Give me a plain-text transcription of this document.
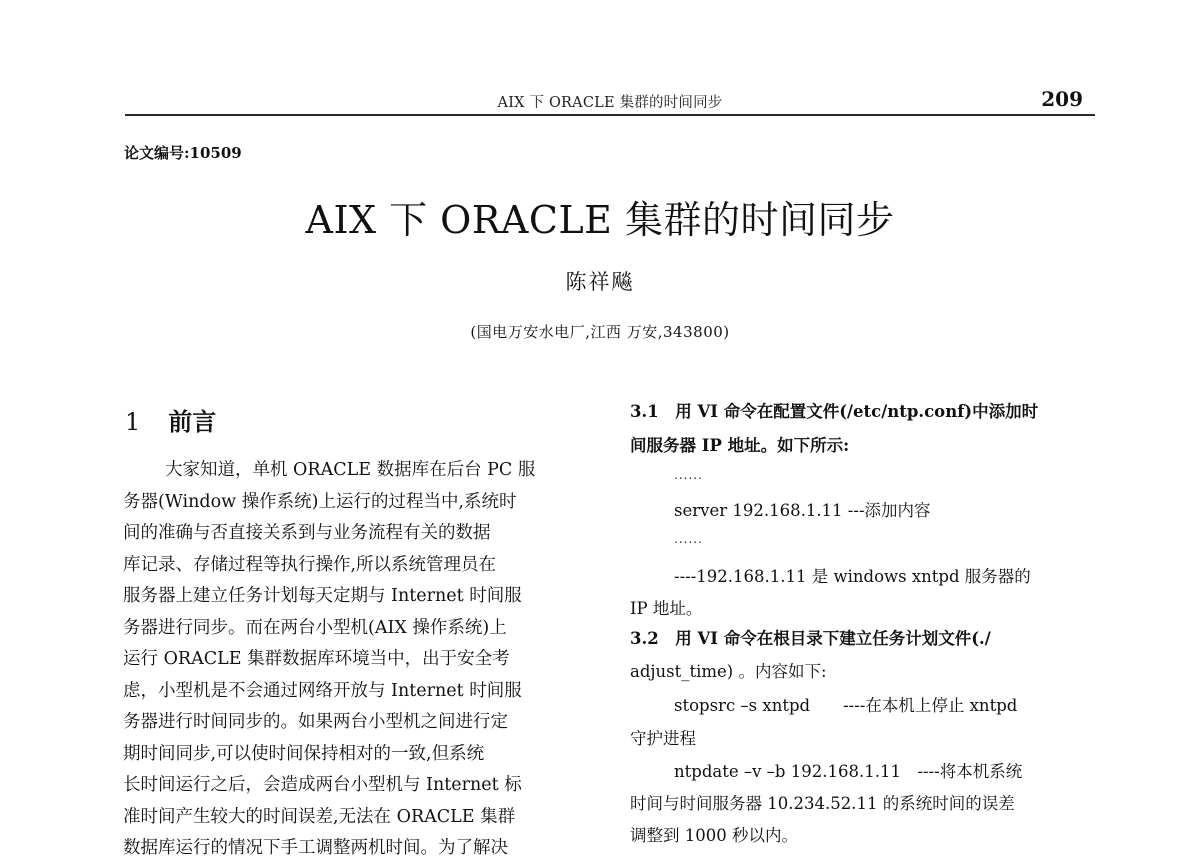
AIX 下 ORACLE 集群的时间同步	209
论文编号:10509
AIX 下 ORACLE 集群的时间同步
陈祥飚
(国电万安水电厂,江西 万安,343800)
1 前言
大家知道，单机 ORACLE 数据库在后台 PC 服
务器(Window 操作系统)上运行的过程当中,系统时
间的准确与否直接关系到与业务流程有关的数据
库记录、存储过程等执行操作,所以系统管理员在
服务器上建立任务计划每天定期与 Internet 时间服
务器进行同步。而在两台小型机(AIX 操作系统)上
运行 ORACLE 集群数据库环境当中，出于安全考
虑，小型机是不会通过网络开放与 Internet 时间服
务器进行时间同步的。如果两台小型机之间进行定
期时间同步,可以使时间保持相对的一致,但系统
长时间运行之后，会造成两台小型机与 Internet 标
准时间产生较大的时间误差,无法在 ORACLE 集群
数据库运行的情况下手工调整两机时间。为了解决
3.1　用 VI 命令在配置文件(/etc/ntp.conf)中添加时
间服务器 IP 地址。如下所示:
......
server 192.168.1.11 ---添加内容
......
----192.168.1.11 是 windows xntpd 服务器的
IP 地址。
3.2　用 VI 命令在根目录下建立任务计划文件(./
adjust_time) 。内容如下:
stopsrc –s xntpd　　----在本机上停止 xntpd
守护进程
ntpdate –v –b 192.168.1.11　----将本机系统
时间与时间服务器 10.234.52.11 的系统时间的误差
调整到 1000 秒以内。
